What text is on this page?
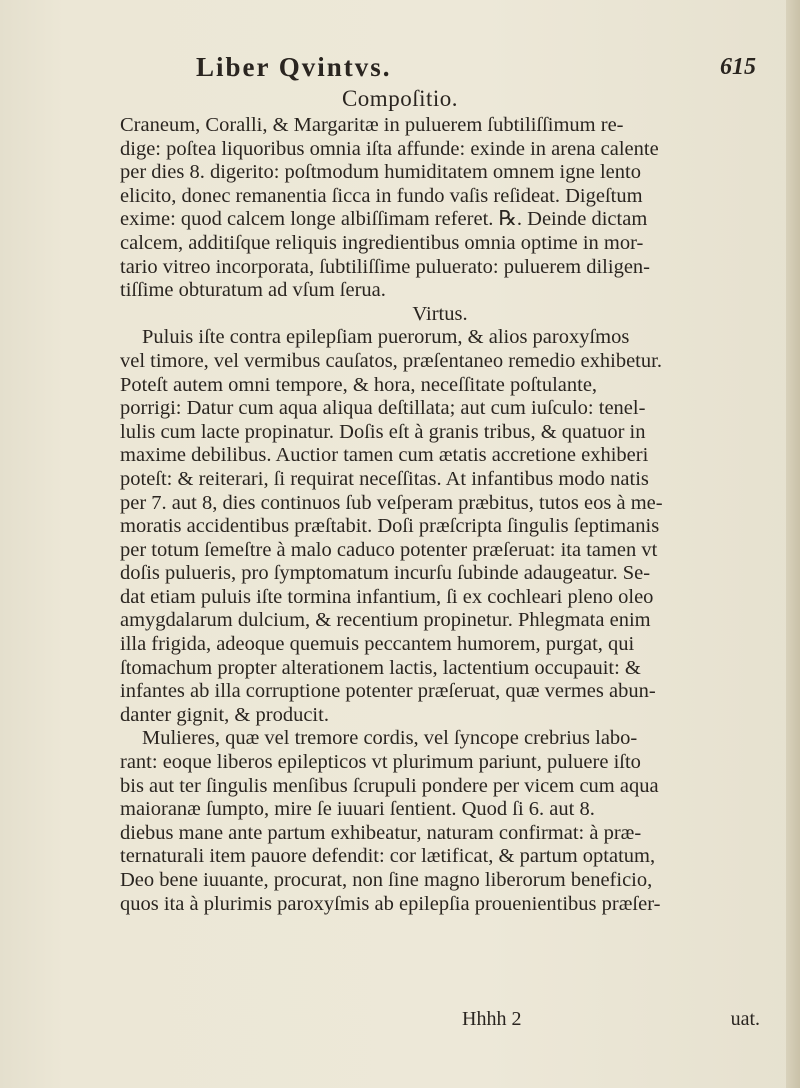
Liber Qvintvs.	615
Compoſitio.
Craneum, Coralli, & Margaritæ in puluerem ſubtiliſſimum re-
dige: poſtea liquoribus omnia iſta affunde: exinde in arena calente
per dies 8. digerito: poſtmodum humiditatem omnem igne lento
elicito, donec remanentia ſicca in fundo vaſis reſideat. Digeſtum
exime: quod calcem longe albiſſimam referet. ℞. Deinde dictam
calcem, additiſque reliquis ingredientibus omnia optime in mor-
tario vitreo incorporata, ſubtiliſſime puluerato: puluerem diligen-
tiſſime obturatum ad vſum ſerua.
Virtus.
Puluis iſte contra epilepſiam puerorum, & alios paroxyſmos
vel timore, vel vermibus cauſatos, præſentaneo remedio exhibetur.
Poteſt autem omni tempore, & hora, neceſſitate poſtulante,
porrigi: Datur cum aqua aliqua deſtillata; aut cum iuſculo: tenel-
lulis cum lacte propinatur. Doſis eſt à granis tribus, & quatuor in
maxime debilibus. Auctior tamen cum ætatis accretione exhiberi
poteſt: & reiterari, ſi requirat neceſſitas. At infantibus modo natis
per 7. aut 8, dies continuos ſub veſperam præbitus, tutos eos à me-
moratis accidentibus præſtabit. Doſi præſcripta ſingulis ſeptimanis
per totum ſemeſtre à malo caduco potenter præſeruat: ita tamen vt
doſis pulueris, pro ſymptomatum incurſu ſubinde adaugeatur. Se-
dat etiam puluis iſte tormina infantium, ſi ex cochleari pleno oleo
amygdalarum dulcium, & recentium propinetur. Phlegmata enim
illa frigida, adeoque quemuis peccantem humorem, purgat, qui
ſtomachum propter alterationem lactis, lactentium occupauit: &
infantes ab illa corruptione potenter præſeruat, quæ vermes abun-
danter gignit, & producit.
Mulieres, quæ vel tremore cordis, vel ſyncope crebrius labo-
rant: eoque liberos epilepticos vt plurimum pariunt, puluere iſto
bis aut ter ſingulis menſibus ſcrupuli pondere per vicem cum aqua
maioranæ ſumpto, mire ſe iuuari ſentient. Quod ſi 6. aut 8.
diebus mane ante partum exhibeatur, naturam confirmat: à præ-
ternaturali item pauore defendit: cor lætificat, & partum optatum,
Deo bene iuuante, procurat, non ſine magno liberorum beneficio,
quos ita à plurimis paroxyſmis ab epilepſia prouenientibus præſer-
Hhhh 2	uat.
